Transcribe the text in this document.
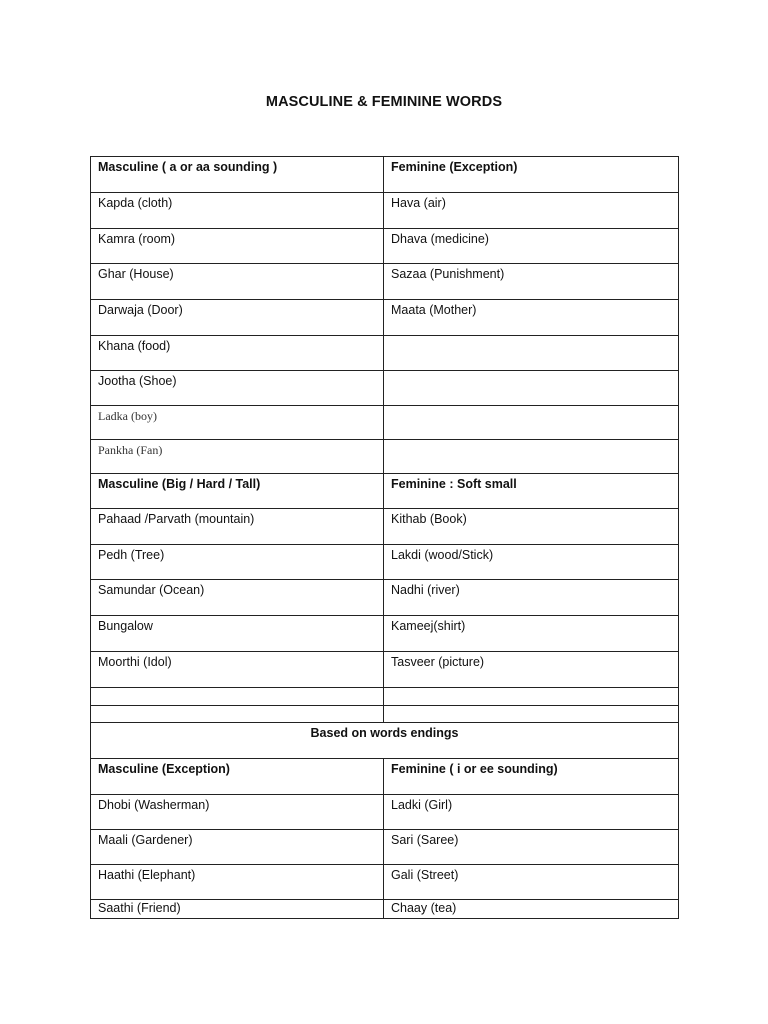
MASCULINE & FEMININE WORDS
Masculine ( a or aa sounding )	Feminine (Exception)

Kapda (cloth)	Hava (air)

Kamra (room)	Dhava (medicine)

Ghar (House)	Sazaa (Punishment)

Darwaja (Door)	Maata (Mother)

Khana (food)	

Jootha (Shoe)	

Ladka (boy)	

Pankha (Fan)	

Masculine (Big / Hard / Tall)	Feminine : Soft small

Pahaad /Parvath (mountain)	Kithab (Book)

Pedh (Tree)	Lakdi (wood/Stick)

Samundar (Ocean)	Nadhi (river)

Bungalow	Kameej(shirt)

Moorthi (Idol)	Tasveer (picture)

Based on words endings	

Masculine (Exception)	Feminine ( i or ee sounding)

Dhobi (Washerman)	Ladki (Girl)

Maali (Gardener)	Sari (Saree)

Haathi (Elephant)	Gali (Street)

Saathi (Friend)	Chaay (tea)
